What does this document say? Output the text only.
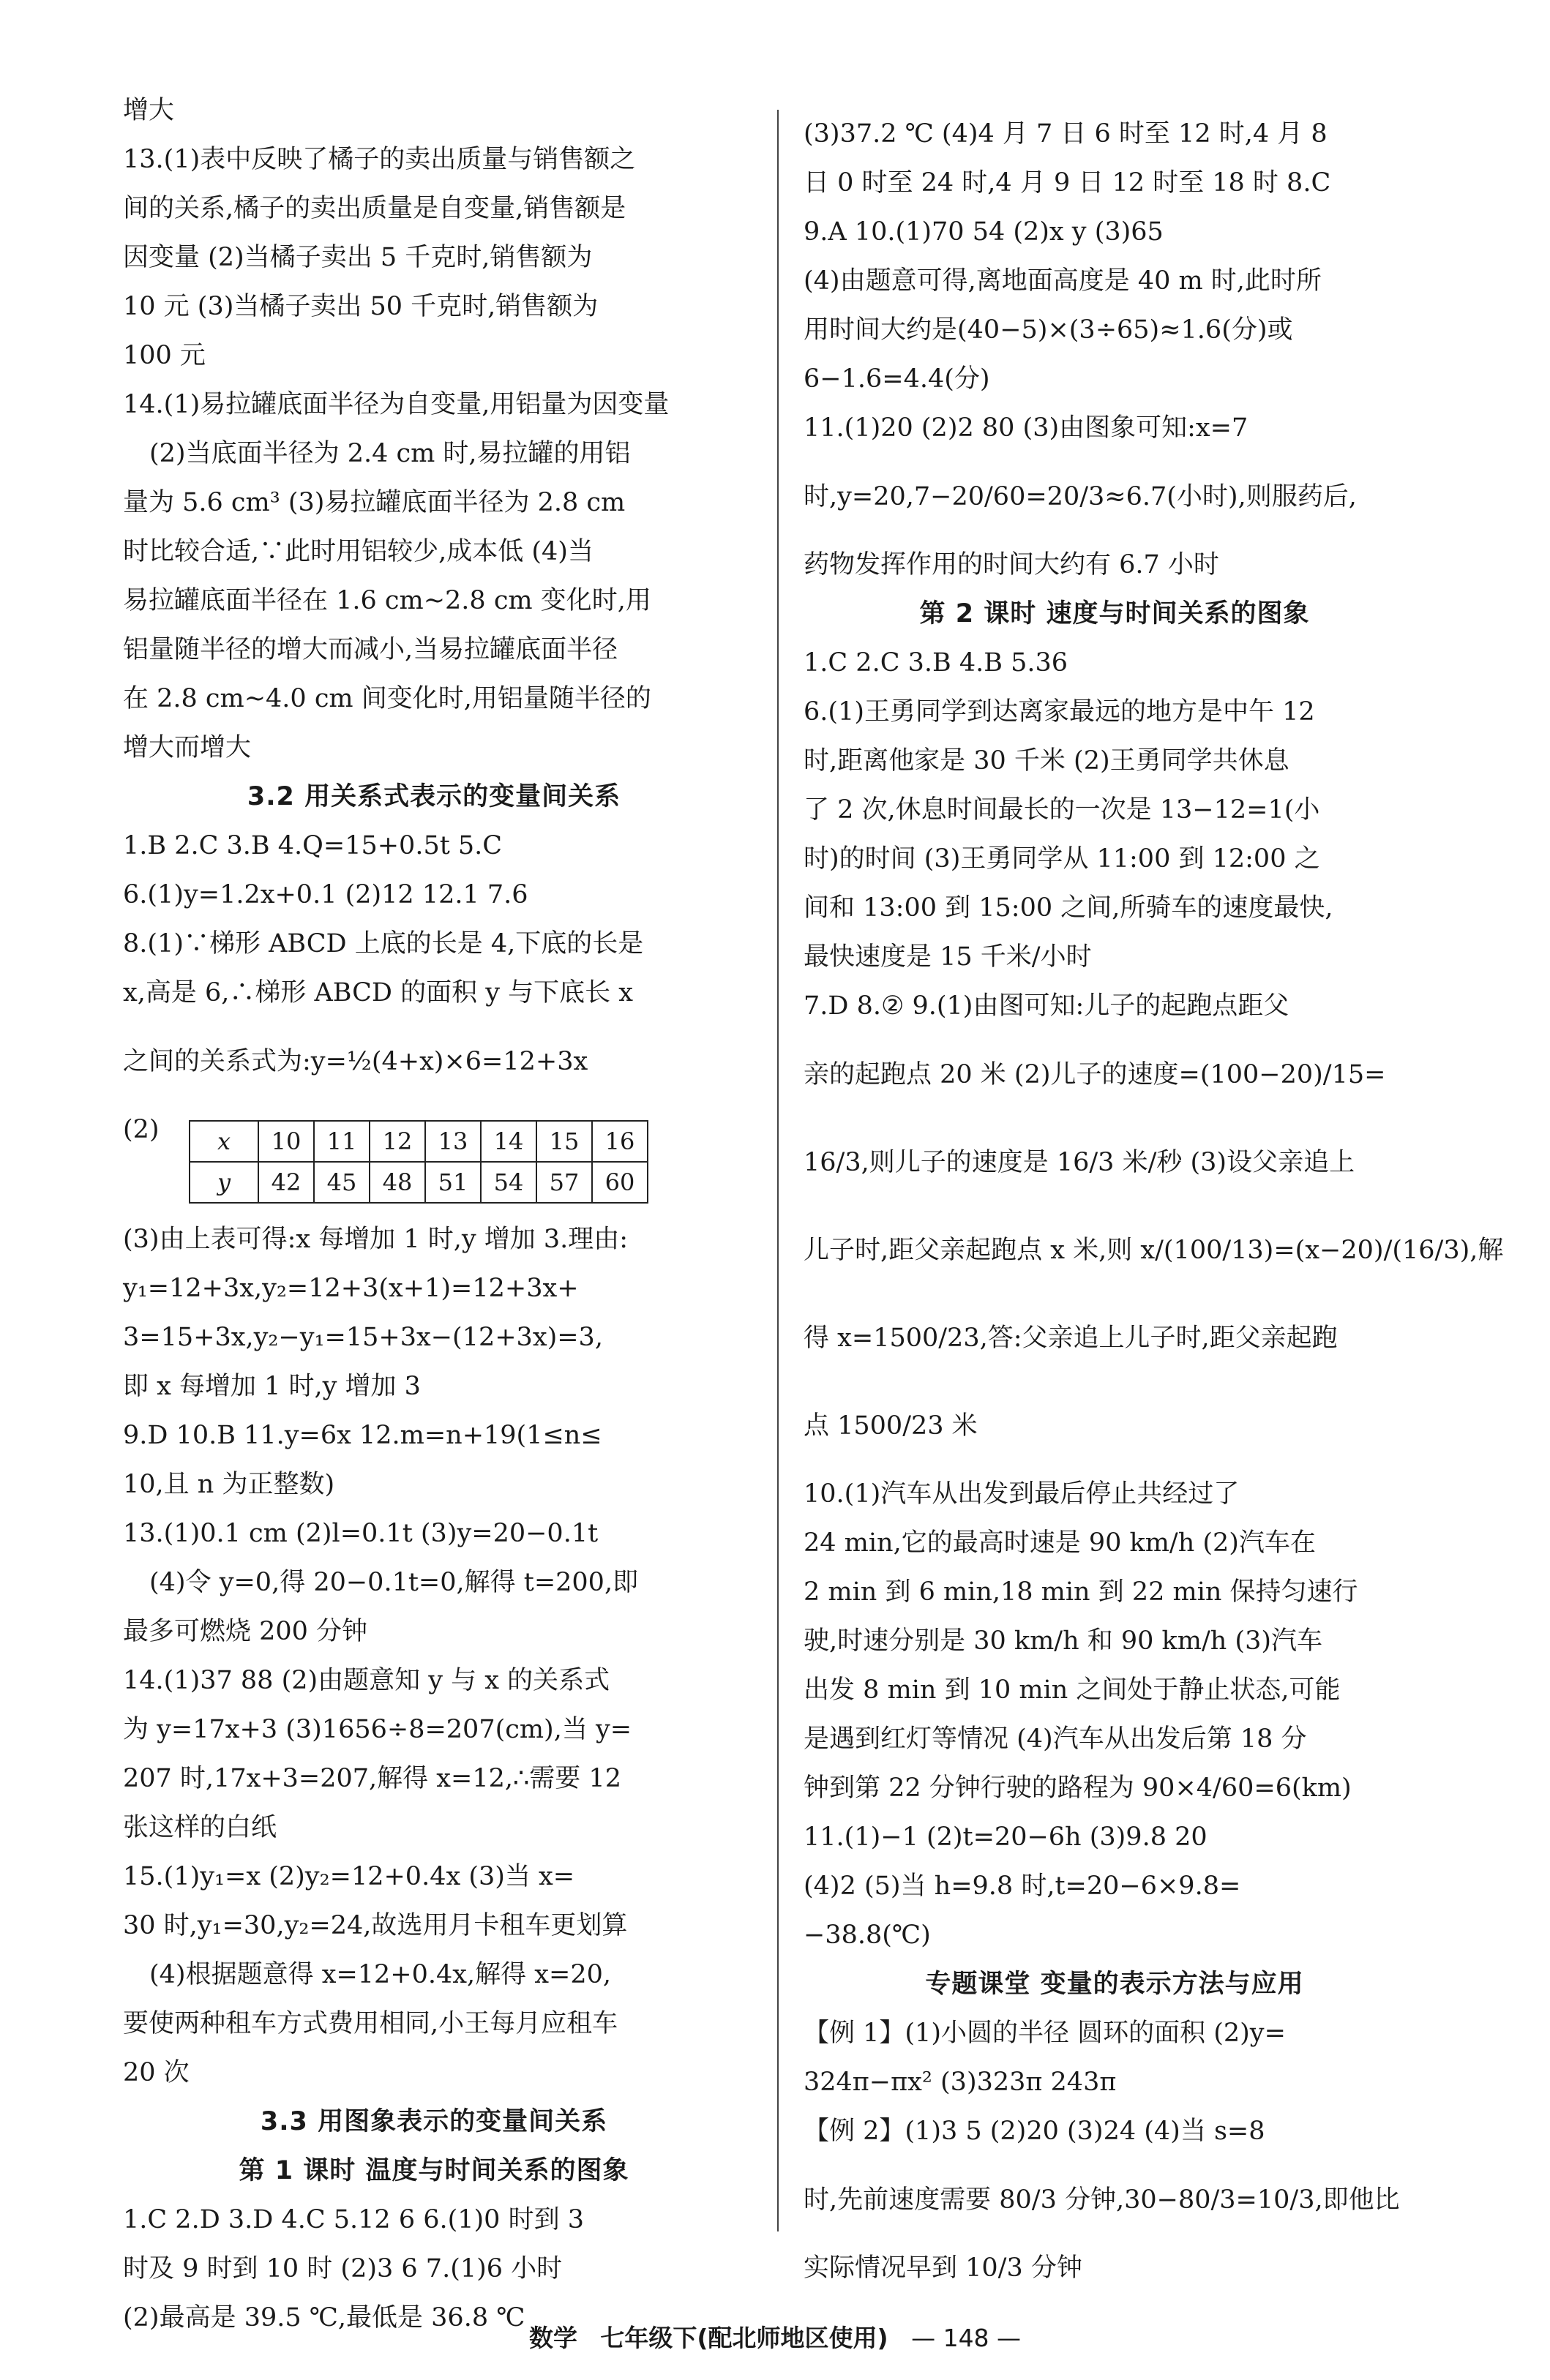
增大
13.(1)表中反映了橘子的卖出质量与销售额之
间的关系,橘子的卖出质量是自变量,销售额是
因变量 (2)当橘子卖出 5 千克时,销售额为
10 元 (3)当橘子卖出 50 千克时,销售额为
100 元
14.(1)易拉罐底面半径为自变量,用铝量为因变量
(2)当底面半径为 2.4 cm 时,易拉罐的用铝
量为 5.6 cm³ (3)易拉罐底面半径为 2.8 cm
时比较合适,∵此时用铝较少,成本低 (4)当
易拉罐底面半径在 1.6 cm~2.8 cm 变化时,用
铝量随半径的增大而减小,当易拉罐底面半径
在 2.8 cm~4.0 cm 间变化时,用铝量随半径的
增大而增大
3.2 用关系式表示的变量间关系
1.B 2.C 3.B 4.Q=15+0.5t 5.C
6.(1)y=1.2x+0.1 (2)12 12.1 7.6
8.(1)∵梯形 ABCD 上底的长是 4,下底的长是
x,高是 6,∴梯形 ABCD 的面积 y 与下底长 x
之间的关系式为:y=½(4+x)×6=12+3x
(2)	x	10	11	12	13	14	15	16
y	42	45	48	51	54	57	60
(3)由上表可得:x 每增加 1 时,y 增加 3.理由:
y₁=12+3x,y₂=12+3(x+1)=12+3x+
3=15+3x,y₂−y₁=15+3x−(12+3x)=3,
即 x 每增加 1 时,y 增加 3
9.D 10.B 11.y=6x 12.m=n+19(1≤n≤
10,且 n 为正整数)
13.(1)0.1 cm (2)l=0.1t (3)y=20−0.1t
(4)令 y=0,得 20−0.1t=0,解得 t=200,即
最多可燃烧 200 分钟
14.(1)37 88 (2)由题意知 y 与 x 的关系式
为 y=17x+3 (3)1656÷8=207(cm),当 y=
207 时,17x+3=207,解得 x=12,∴需要 12
张这样的白纸
15.(1)y₁=x (2)y₂=12+0.4x (3)当 x=
30 时,y₁=30,y₂=24,故选用月卡租车更划算
(4)根据题意得 x=12+0.4x,解得 x=20,
要使两种租车方式费用相同,小王每月应租车
20 次
3.3 用图象表示的变量间关系
第 1 课时 温度与时间关系的图象
1.C 2.D 3.D 4.C 5.12 6 6.(1)0 时到 3
时及 9 时到 10 时 (2)3 6 7.(1)6 小时
(2)最高是 39.5 ℃,最低是 36.8 ℃
(3)37.2 ℃ (4)4 月 7 日 6 时至 12 时,4 月 8
日 0 时至 24 时,4 月 9 日 12 时至 18 时 8.C
9.A 10.(1)70 54 (2)x y (3)65
(4)由题意可得,离地面高度是 40 m 时,此时所
用时间大约是(40−5)×(3÷65)≈1.6(分)或
6−1.6=4.4(分)
11.(1)20 (2)2 80 (3)由图象可知:x=7
时,y=20,7−20/60=20/3≈6.7(小时),则服药后,
药物发挥作用的时间大约有 6.7 小时
第 2 课时 速度与时间关系的图象
1.C 2.C 3.B 4.B 5.36
6.(1)王勇同学到达离家最远的地方是中午 12
时,距离他家是 30 千米 (2)王勇同学共休息
了 2 次,休息时间最长的一次是 13−12=1(小
时)的时间 (3)王勇同学从 11:00 到 12:00 之
间和 13:00 到 15:00 之间,所骑车的速度最快,
最快速度是 15 千米/小时
7.D 8.② 9.(1)由图可知:儿子的起跑点距父
亲的起跑点 20 米 (2)儿子的速度=(100−20)/15=
16/3,则儿子的速度是 16/3 米/秒 (3)设父亲追上
儿子时,距父亲起跑点 x 米,则 x/(100/13)=(x−20)/(16/3),解
得 x=1500/23,答:父亲追上儿子时,距父亲起跑
点 1500/23 米
10.(1)汽车从出发到最后停止共经过了
24 min,它的最高时速是 90 km/h (2)汽车在
2 min 到 6 min,18 min 到 22 min 保持匀速行
驶,时速分别是 30 km/h 和 90 km/h (3)汽车
出发 8 min 到 10 min 之间处于静止状态,可能
是遇到红灯等情况 (4)汽车从出发后第 18 分
钟到第 22 分钟行驶的路程为 90×4/60=6(km)
11.(1)−1 (2)t=20−6h (3)9.8 20
(4)2 (5)当 h=9.8 时,t=20−6×9.8=
−38.8(℃)
专题课堂 变量的表示方法与应用
【例 1】(1)小圆的半径 圆环的面积 (2)y=
324π−πx² (3)323π 243π
【例 2】(1)3 5 (2)20 (3)24 (4)当 s=8
时,先前速度需要 80/3 分钟,30−80/3=10/3,即他比
实际情况早到 10/3 分钟
数学 七年级下(配北师地区使用) — 148 —
